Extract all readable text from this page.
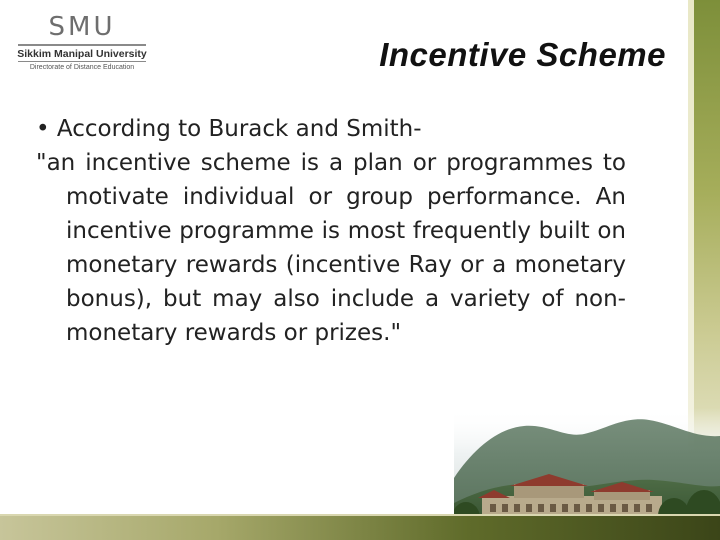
SMU
Sikkim Manipal University
Directorate of Distance Education	Incentive Scheme
• According to Burack and Smith-
"an incentive scheme is a plan or programmes to motivate individual or group performance. An incentive programme is most frequently built on monetary rewards (incentive Ray or a monetary bonus), but may also include a variety of non-monetary rewards or prizes."
